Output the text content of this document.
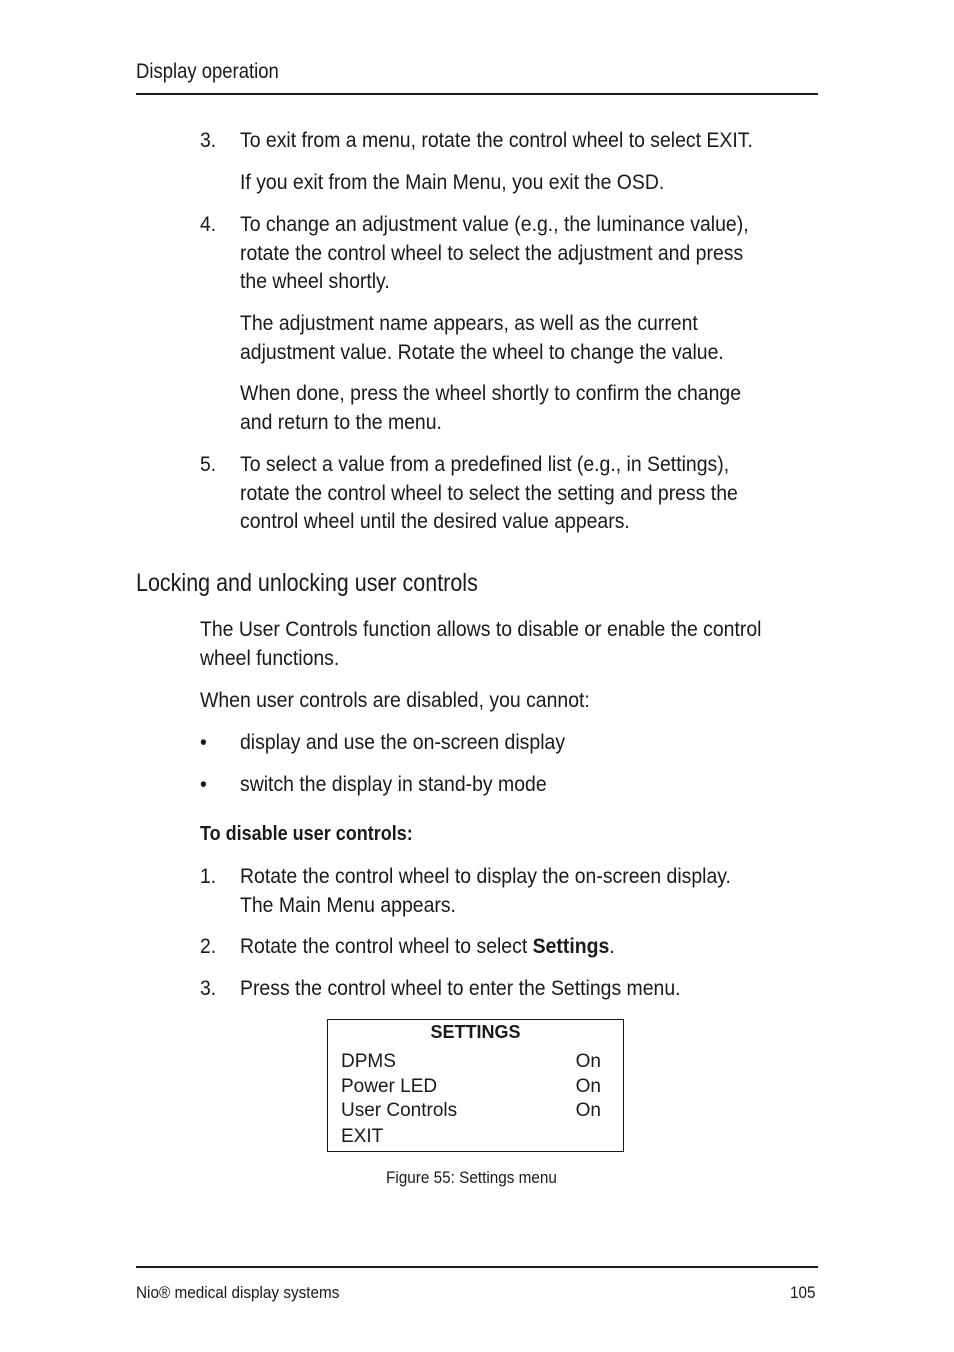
Display operation
3. To exit from a menu, rotate the control wheel to select EXIT.
If you exit from the Main Menu, you exit the OSD.
4. To change an adjustment value (e.g., the luminance value),
rotate the control wheel to select the adjustment and press
the wheel shortly.
The adjustment name appears, as well as the current
adjustment value. Rotate the wheel to change the value.
When done, press the wheel shortly to confirm the change
and return to the menu.
5. To select a value from a predefined list (e.g., in Settings),
rotate the control wheel to select the setting and press the
control wheel until the desired value appears.
Locking and unlocking user controls
The User Controls function allows to disable or enable the control
wheel functions.
When user controls are disabled, you cannot:
• display and use the on-screen display
• switch the display in stand-by mode
To disable user controls:
1. Rotate the control wheel to display the on-screen display.
The Main Menu appears.
2. Rotate the control wheel to select Settings.
3. Press the control wheel to enter the Settings menu.
SETTINGS
DPMS	On
Power LED	On
User Controls	On
EXIT
Figure 55: Settings menu
Nio® medical display systems	105
